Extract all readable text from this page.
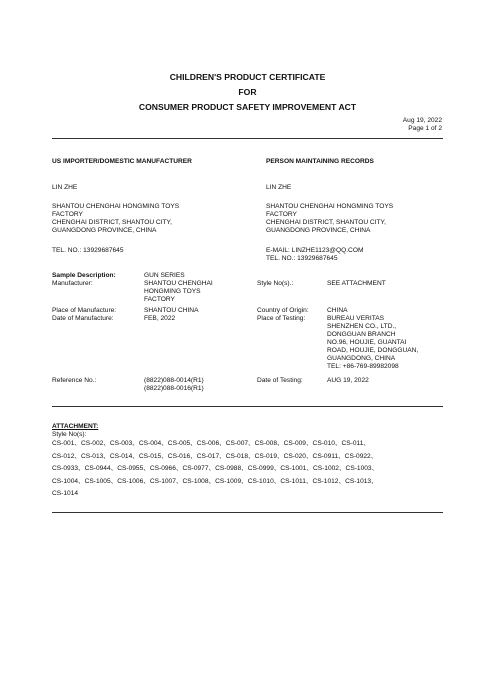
CHILDREN'S PRODUCT CERTIFICATE
FOR
CONSUMER PRODUCT SAFETY IMPROVEMENT ACT
Aug 19, 2022
Page 1 of 2
US IMPORTER/DOMESTIC MANUFACTURER
LIN ZHE
SHANTOU CHENGHAI HONGMING TOYS
FACTORY
CHENGHAI DISTRICT, SHANTOU CITY,
GUANGDONG PROVINCE, CHINA
TEL. NO.: 13929687645
PERSON MAINTAINING RECORDS
LIN ZHE
SHANTOU CHENGHAI HONGMING TOYS
FACTORY
CHENGHAI DISTRICT, SHANTOU CITY,
GUANGDONG PROVINCE, CHINA
E-MAIL: LINZHE1123@QQ.COM
TEL. NO.: 13929687645
Sample Description:	GUN SERIES
Manufacturer:	SHANTOU CHENGHAI
HONGMING TOYS
FACTORY
Style No(s).:	SEE ATTACHMENT
Place of Manufacture:	SHANTOU CHINA
Date of Manufacture:	FEB, 2022
Country of Origin:	CHINA
Place of Testing:	BUREAU VERITAS
SHENZHEN CO., LTD.,
DONGGUAN BRANCH
NO.96, HOUJIE, GUANTAI
ROAD, HOUJIE, DONGGUAN,
GUANGDONG, CHINA
TEL: +86-769-89982098
Reference No.:	(8822)088-0014(R1)
(8822)088-0016(R1)
Date of Testing:	AUG 19, 2022
ATTACHMENT:
Style No(s):
CS-001、CS-002、CS-003、CS-004、CS-005、CS-006、CS-007、CS-008、CS-009、CS-010、CS-011、
CS-012、CS-013、CS-014、CS-015、CS-016、CS-017、CS-018、CS-019、CS-020、CS-0911、CS-0922、
CS-0933、CS-0944、CS-0955、CS-0966、CS-0977、CS-0988、CS-0999、CS-1001、CS-1002、CS-1003、
CS-1004、CS-1005、CS-1006、CS-1007、CS-1008、CS-1009、CS-1010、CS-1011、CS-1012、CS-1013、
CS-1014
